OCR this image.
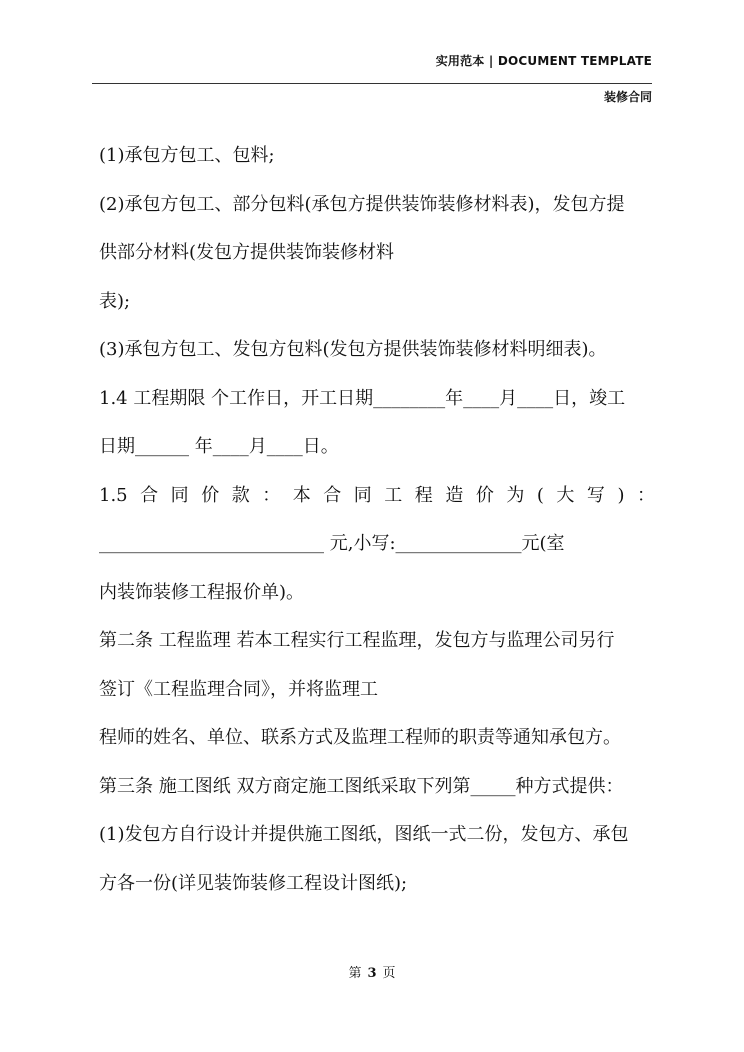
实用范本 | DOCUMENT TEMPLATE
装修合同
(1)承包方包工、包料;
(2)承包方包工、部分包料(承包方提供装饰装修材料表)，发包方提
供部分材料(发包方提供装饰装修材料
表);
(3)承包方包工、发包方包料(发包方提供装饰装修材料明细表)。
1.4 工程期限 个工作日，开工日期________年____月____日，竣工
日期______ 年____月____日。
1.5 合 同 价 款 ： 本 合 同 工 程 造 价 为 ( 大 写 ) ：
_________________________ 元,小写:______________元(室
内装饰装修工程报价单)。
第二条 工程监理 若本工程实行工程监理，发包方与监理公司另行
签订《工程监理合同》，并将监理工
程师的姓名、单位、联系方式及监理工程师的职责等通知承包方。
第三条 施工图纸 双方商定施工图纸采取下列第_____种方式提供：
(1)发包方自行设计并提供施工图纸，图纸一式二份，发包方、承包
方各一份(详见装饰装修工程设计图纸);
第 3 页
